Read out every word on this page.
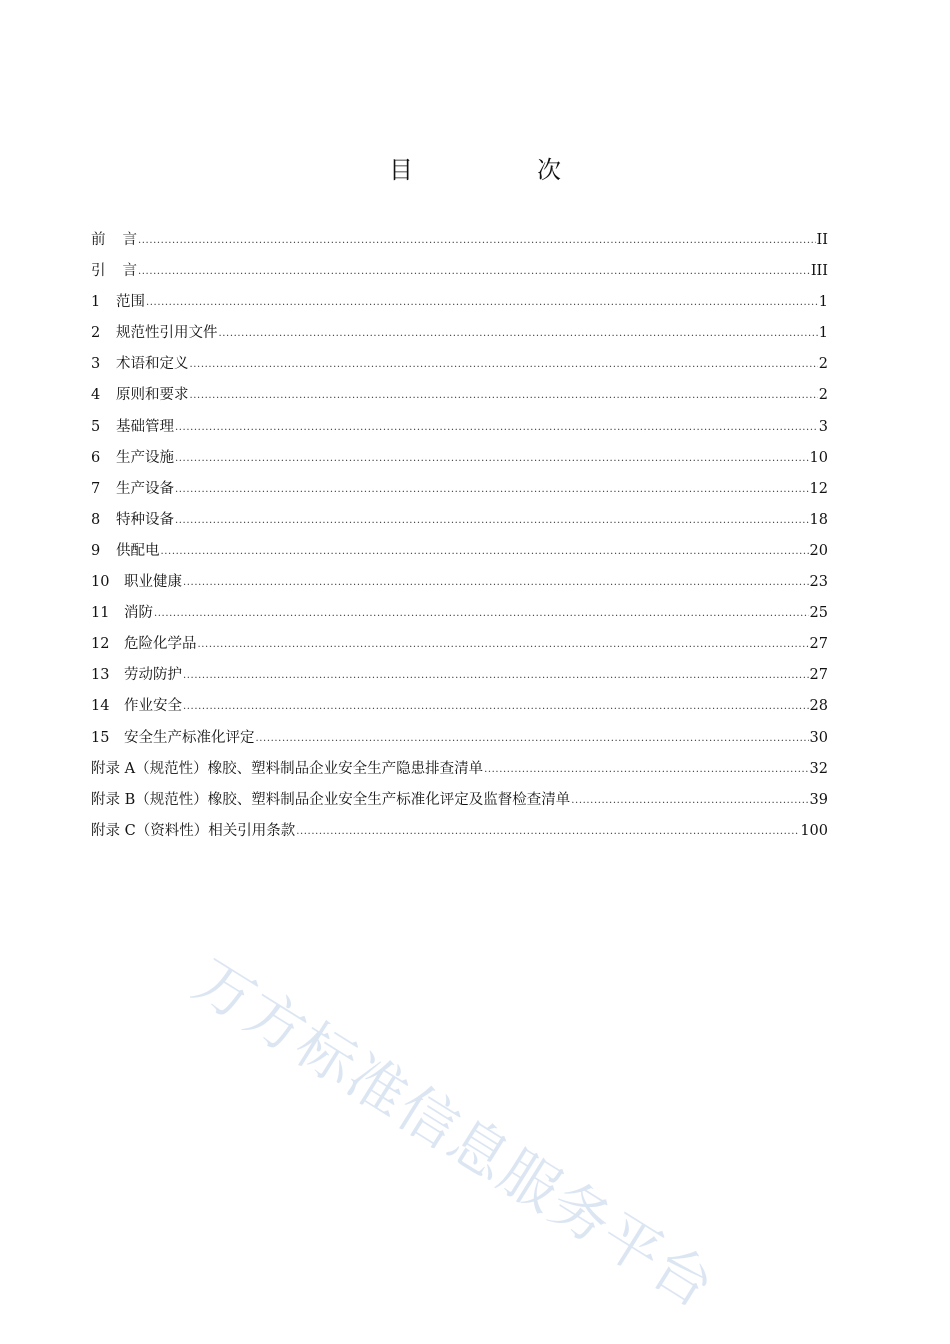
目　次
前言 .....	II
引言 .....	III
1	范围 .....	1
2	规范性引用文件 .....	1
3	术语和定义 .....	2
4	原则和要求 .....	2
5	基础管理 .....	3
6	生产设施 .....	10
7	生产设备 .....	12
8	特种设备 .....	18
9	供配电 .....	20
10	职业健康 .....	23
11	消防 .....	25
12	危险化学品 .....	27
13	劳动防护 .....	27
14	作业安全 .....	28
15	安全生产标准化评定 .....	30
附录 A（规范性）橡胶、塑料制品企业安全生产隐患排查清单 .....	32
附录 B（规范性）橡胶、塑料制品企业安全生产标准化评定及监督检查清单 .....	39
附录 C（资料性）相关引用条款 .....	100
万方标准信息服务平台
